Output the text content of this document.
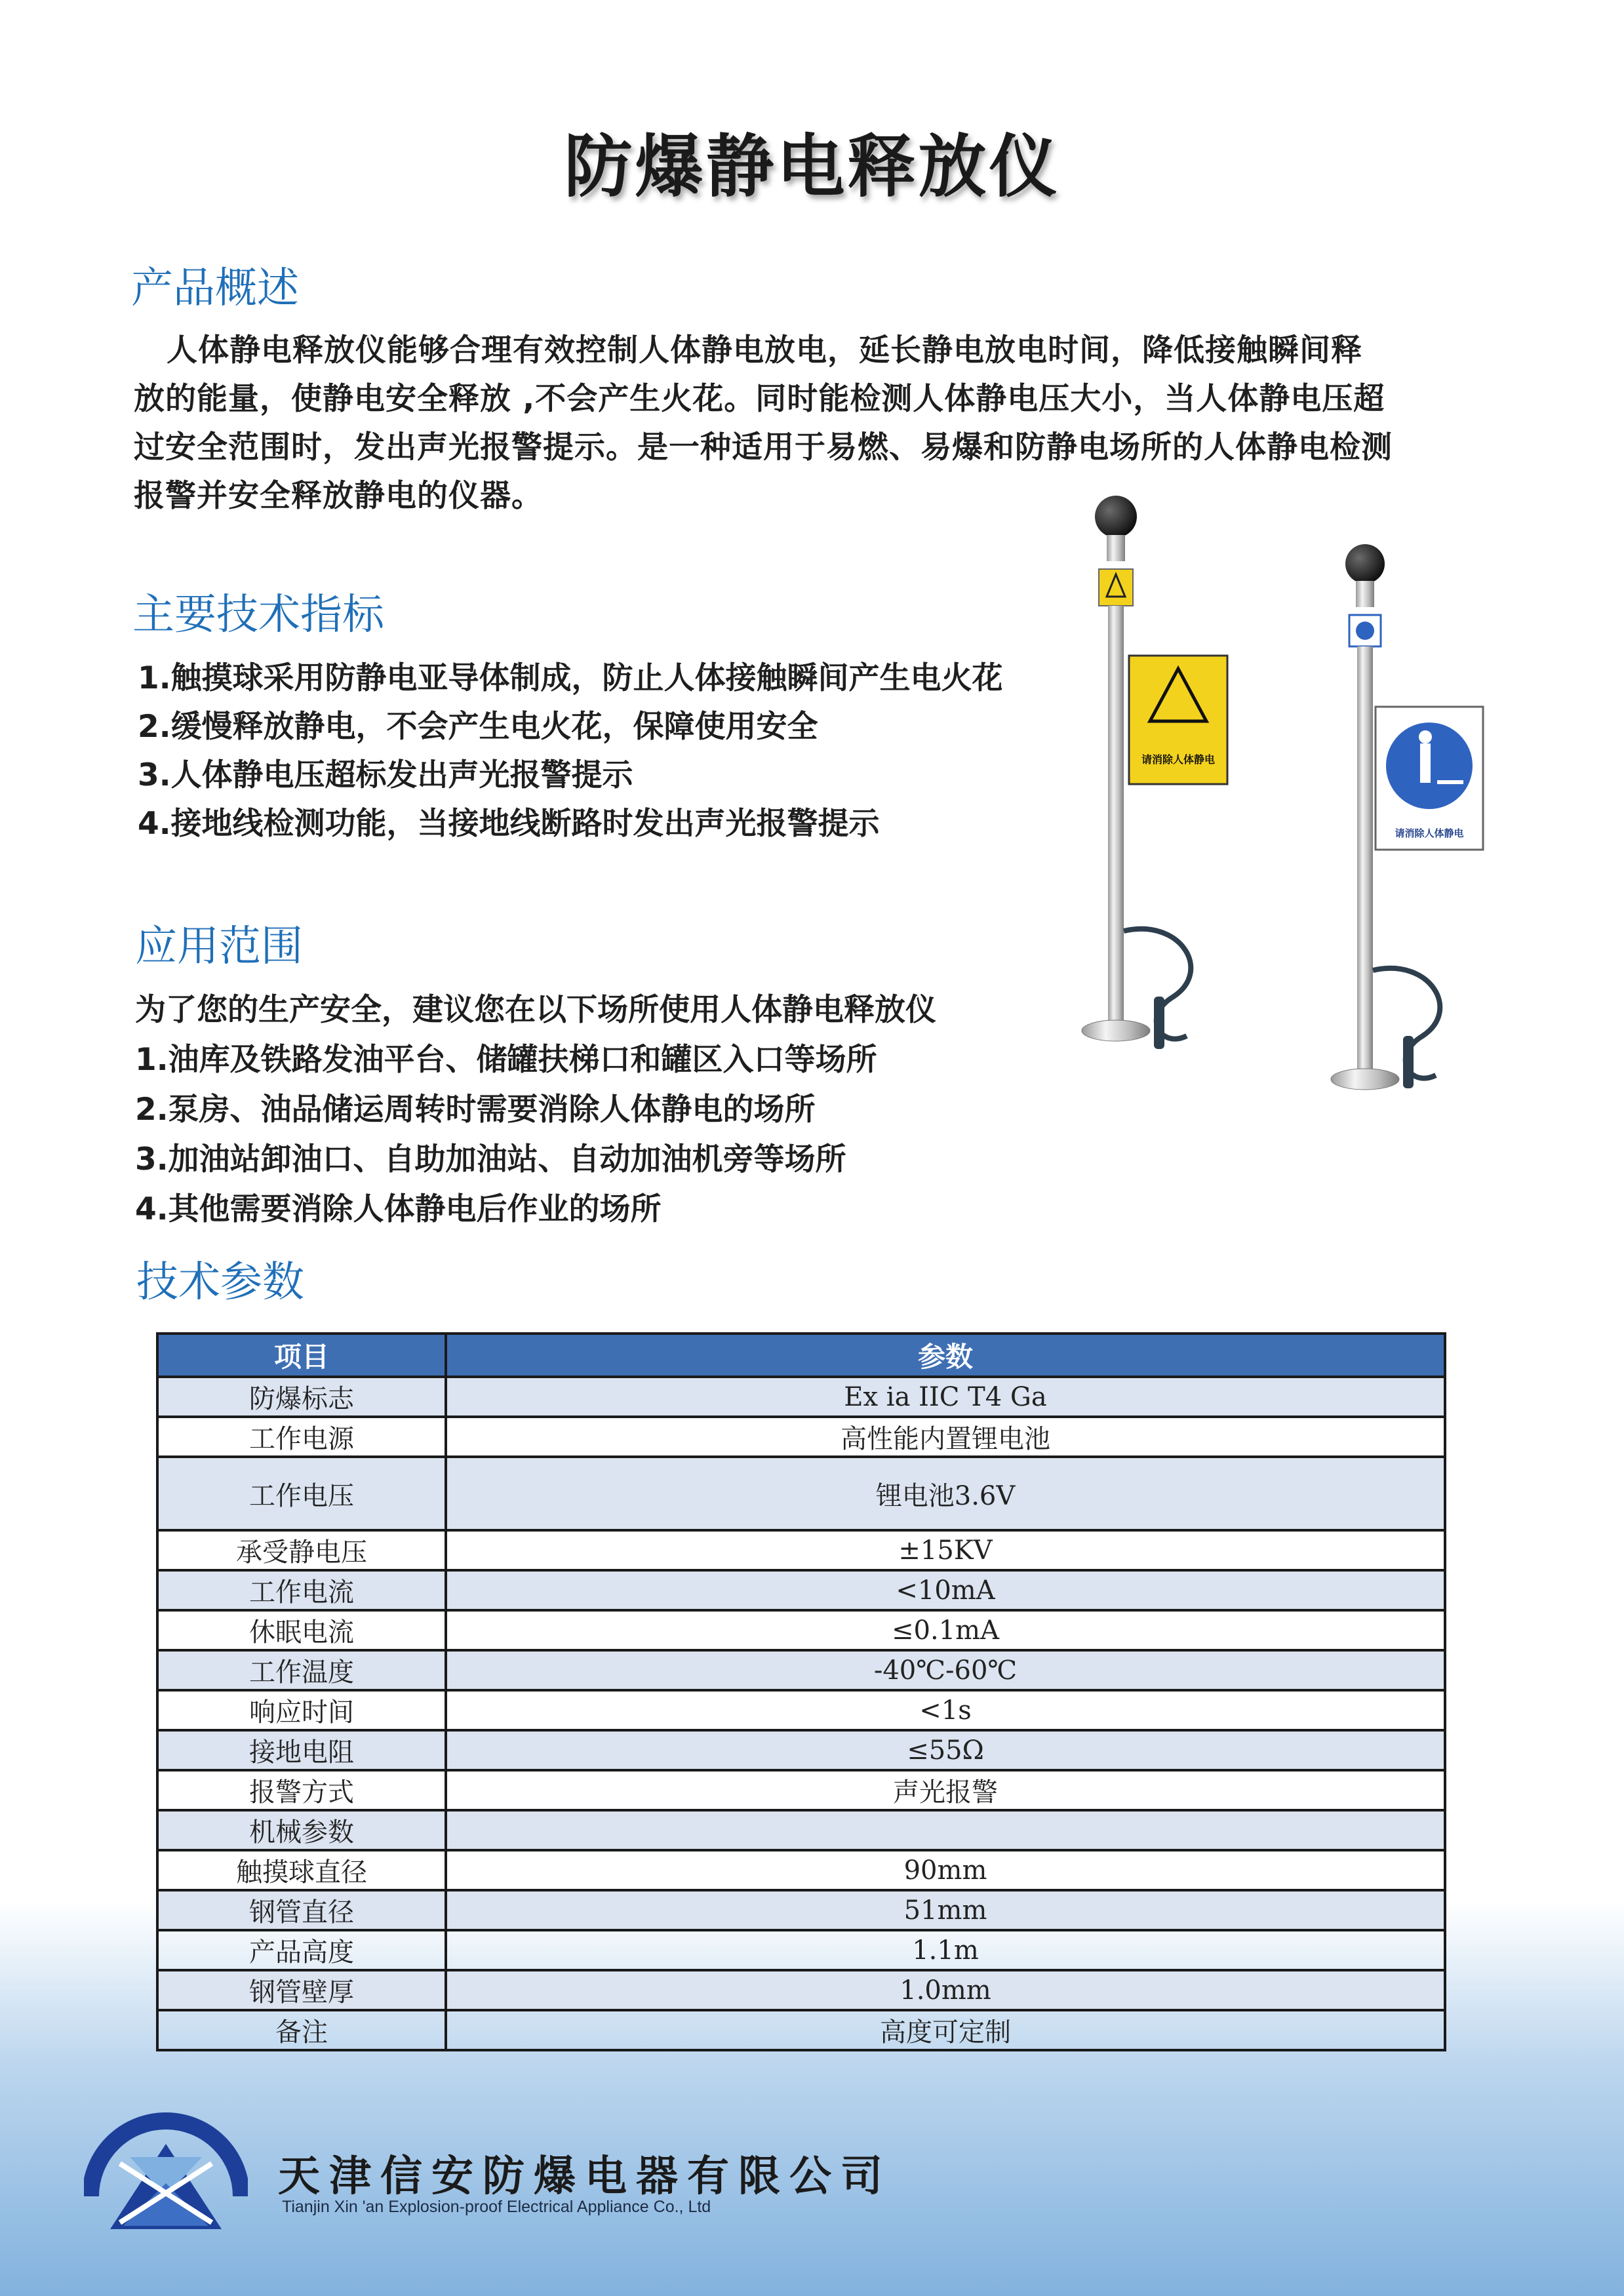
防爆静电释放仪
产品概述
人体静电释放仪能够合理有效控制人体静电放电，延长静电放电时间，降低接触瞬间释
放的能量，使静电安全释放 ,不会产生火花。同时能检测人体静电压大小，当人体静电压超
过安全范围时，发出声光报警提示。是一种适用于易燃、易爆和防静电场所的人体静电检测
报警并安全释放静电的仪器。
主要技术指标
1.触摸球采用防静电亚导体制成，防止人体接触瞬间产生电火花
2.缓慢释放静电，不会产生电火花，保障使用安全
3.人体静电压超标发出声光报警提示
4.接地线检测功能，当接地线断路时发出声光报警提示
应用范围
为了您的生产安全，建议您在以下场所使用人体静电释放仪
1.油库及铁路发油平台、储罐扶梯口和罐区入口等场所
2.泵房、油品储运周转时需要消除人体静电的场所
3.加油站卸油口、自助加油站、自动加油机旁等场所
4.其他需要消除人体静电后作业的场所
技术参数
请消除人体静电
请消除人体静电
项目	参数
防爆标志	Ex ia IIC T4 Ga
工作电源	高性能内置锂电池
工作电压	锂电池3.6V
承受静电压	±15KV
工作电流	<10mA
休眠电流	≤0.1mA
工作温度	-40℃-60℃
响应时间	<1s
接地电阻	≤55Ω
报警方式	声光报警
机械参数	
触摸球直径	90mm
钢管直径	51mm
产品高度	1.1m
钢管壁厚	1.0mm
备注	高度可定制
天津信安防爆电器有限公司
Tianjin Xin 'an Explosion-proof Electrical Appliance Co., Ltd
